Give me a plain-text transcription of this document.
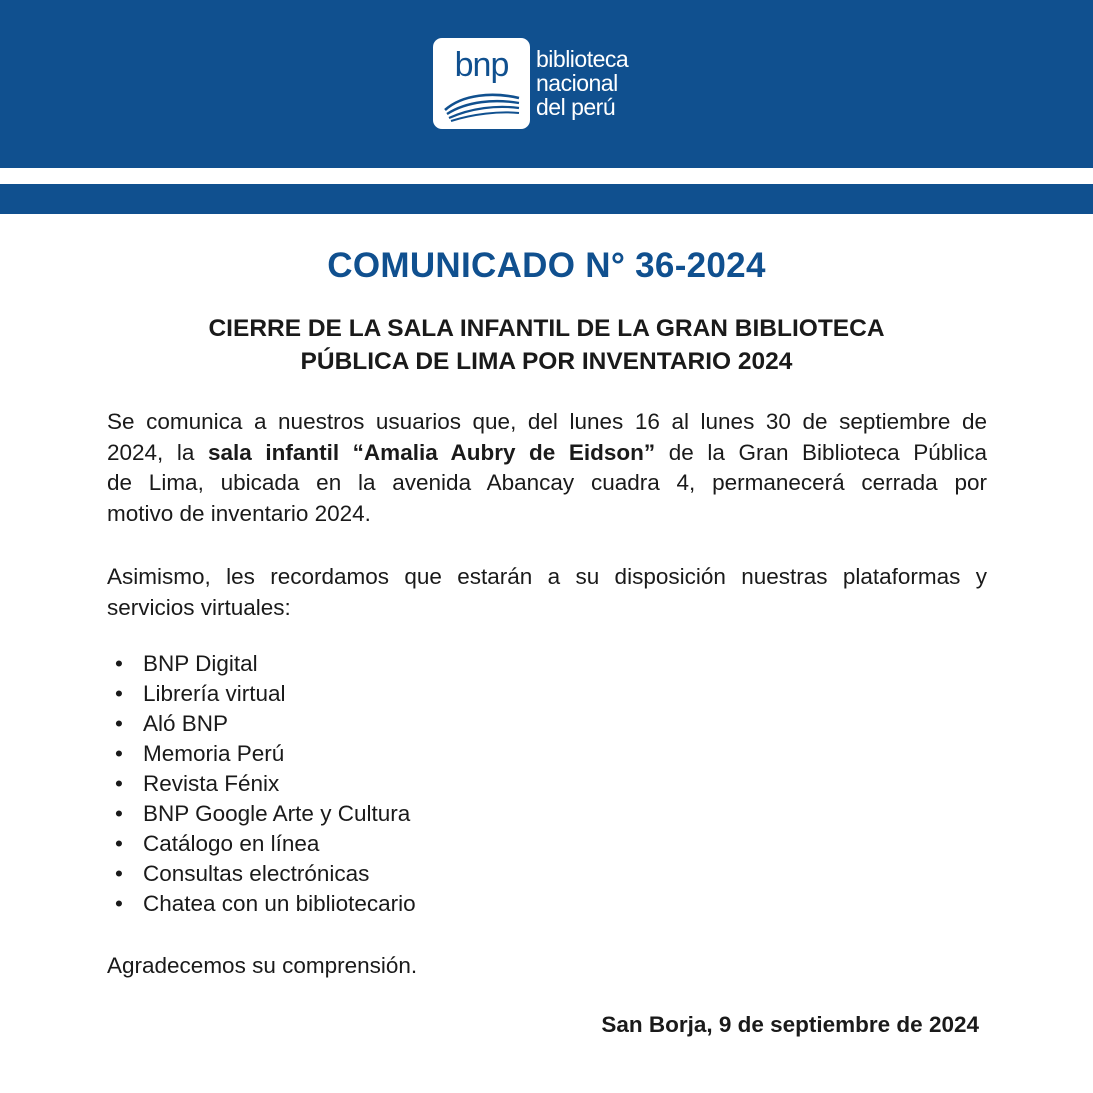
bnp	biblioteca
nacional
del perú
COMUNICADO N° 36-2024
CIERRE DE LA SALA INFANTIL DE LA GRAN BIBLIOTECA
PÚBLICA DE LIMA POR INVENTARIO 2024
Se comunica a nuestros usuarios que, del lunes 16 al lunes 30 de septiembre de
2024, la sala infantil “Amalia Aubry de Eidson” de la Gran Biblioteca Pública
de Lima, ubicada en la avenida Abancay cuadra 4, permanecerá cerrada por
motivo de inventario 2024.
Asimismo, les recordamos que estarán a su disposición nuestras plataformas y
servicios virtuales:
• BNP Digital
• Librería virtual
• Aló BNP
• Memoria Perú
• Revista Fénix
• BNP Google Arte y Cultura
• Catálogo en línea
• Consultas electrónicas
• Chatea con un bibliotecario
Agradecemos su comprensión.
San Borja, 9 de septiembre de 2024
